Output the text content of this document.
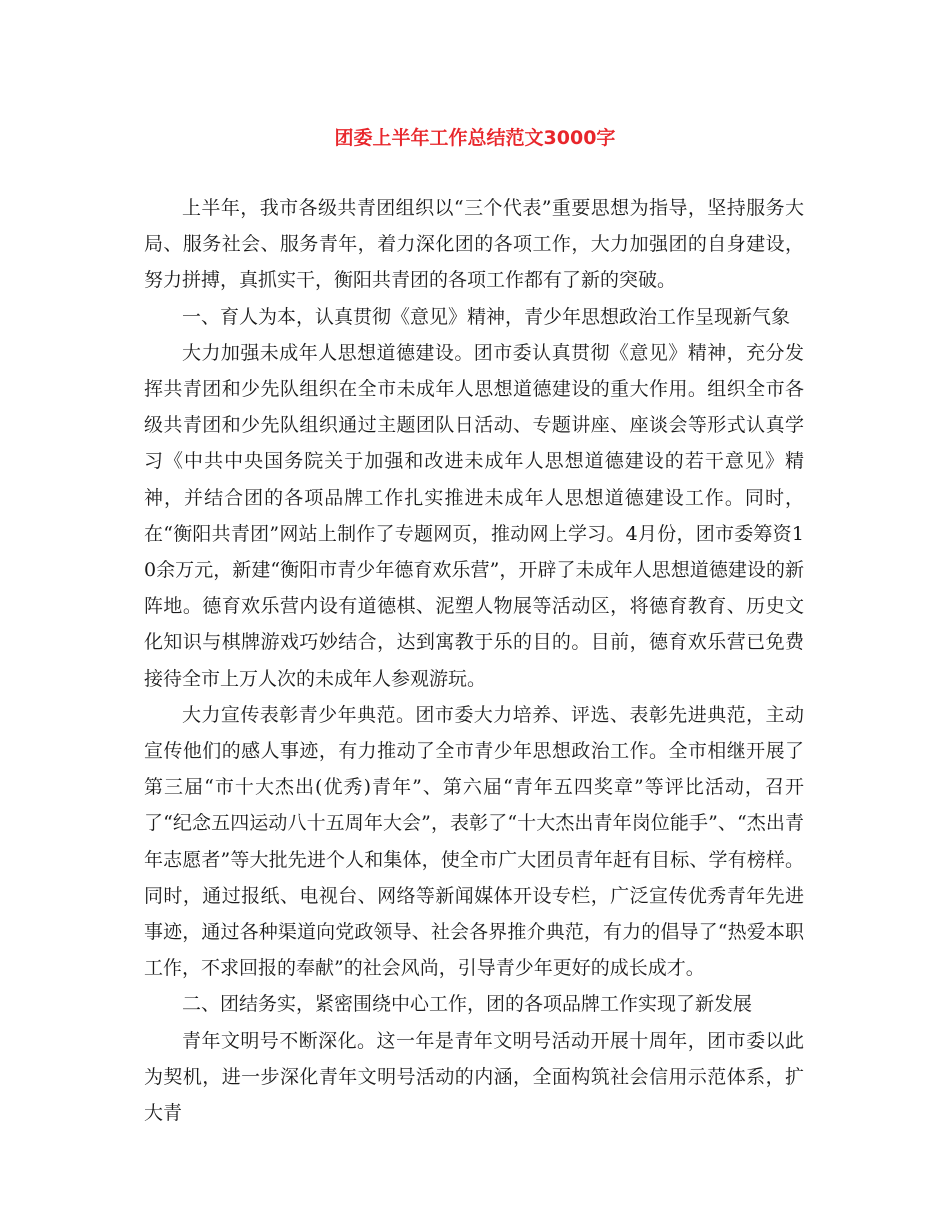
团委上半年工作总结范文3000字

上半年，我市各级共青团组织以“三个代表”重要思想为指导，坚持服务大局、服务社会、服务青年，着力深化团的各项工作，大力加强团的自身建设，努力拼搏，真抓实干，衡阳共青团的各项工作都有了新的突破。

一、育人为本，认真贯彻《意见》精神，青少年思想政治工作呈现新气象

大力加强未成年人思想道德建设。团市委认真贯彻《意见》精神，充分发挥共青团和少先队组织在全市未成年人思想道德建设的重大作用。组织全市各级共青团和少先队组织通过主题团队日活动、专题讲座、座谈会等形式认真学习《中共中央国务院关于加强和改进未成年人思想道德建设的若干意见》精神，并结合团的各项品牌工作扎实推进未成年人思想道德建设工作。同时，在“衡阳共青团”网站上制作了专题网页，推动网上学习。4月份，团市委筹资10余万元，新建“衡阳市青少年德育欢乐营”，开辟了未成年人思想道德建设的新阵地。德育欢乐营内设有道德棋、泥塑人物展等活动区，将德育教育、历史文化知识与棋牌游戏巧妙结合，达到寓教于乐的目的。目前，德育欢乐营已免费接待全市上万人次的未成年人参观游玩。

大力宣传表彰青少年典范。团市委大力培养、评选、表彰先进典范，主动宣传他们的感人事迹，有力推动了全市青少年思想政治工作。全市相继开展了第三届“市十大杰出(优秀)青年”、第六届“青年五四奖章”等评比活动，召开了“纪念五四运动八十五周年大会”，表彰了“十大杰出青年岗位能手”、“杰出青年志愿者”等大批先进个人和集体，使全市广大团员青年赶有目标、学有榜样。同时，通过报纸、电视台、网络等新闻媒体开设专栏，广泛宣传优秀青年先进事迹，通过各种渠道向党政领导、社会各界推介典范，有力的倡导了“热爱本职工作，不求回报的奉献”的社会风尚，引导青少年更好的成长成才。

二、团结务实，紧密围绕中心工作，团的各项品牌工作实现了新发展

青年文明号不断深化。这一年是青年文明号活动开展十周年，团市委以此为契机，进一步深化青年文明号活动的内涵，全面构筑社会信用示范体系，扩大青
